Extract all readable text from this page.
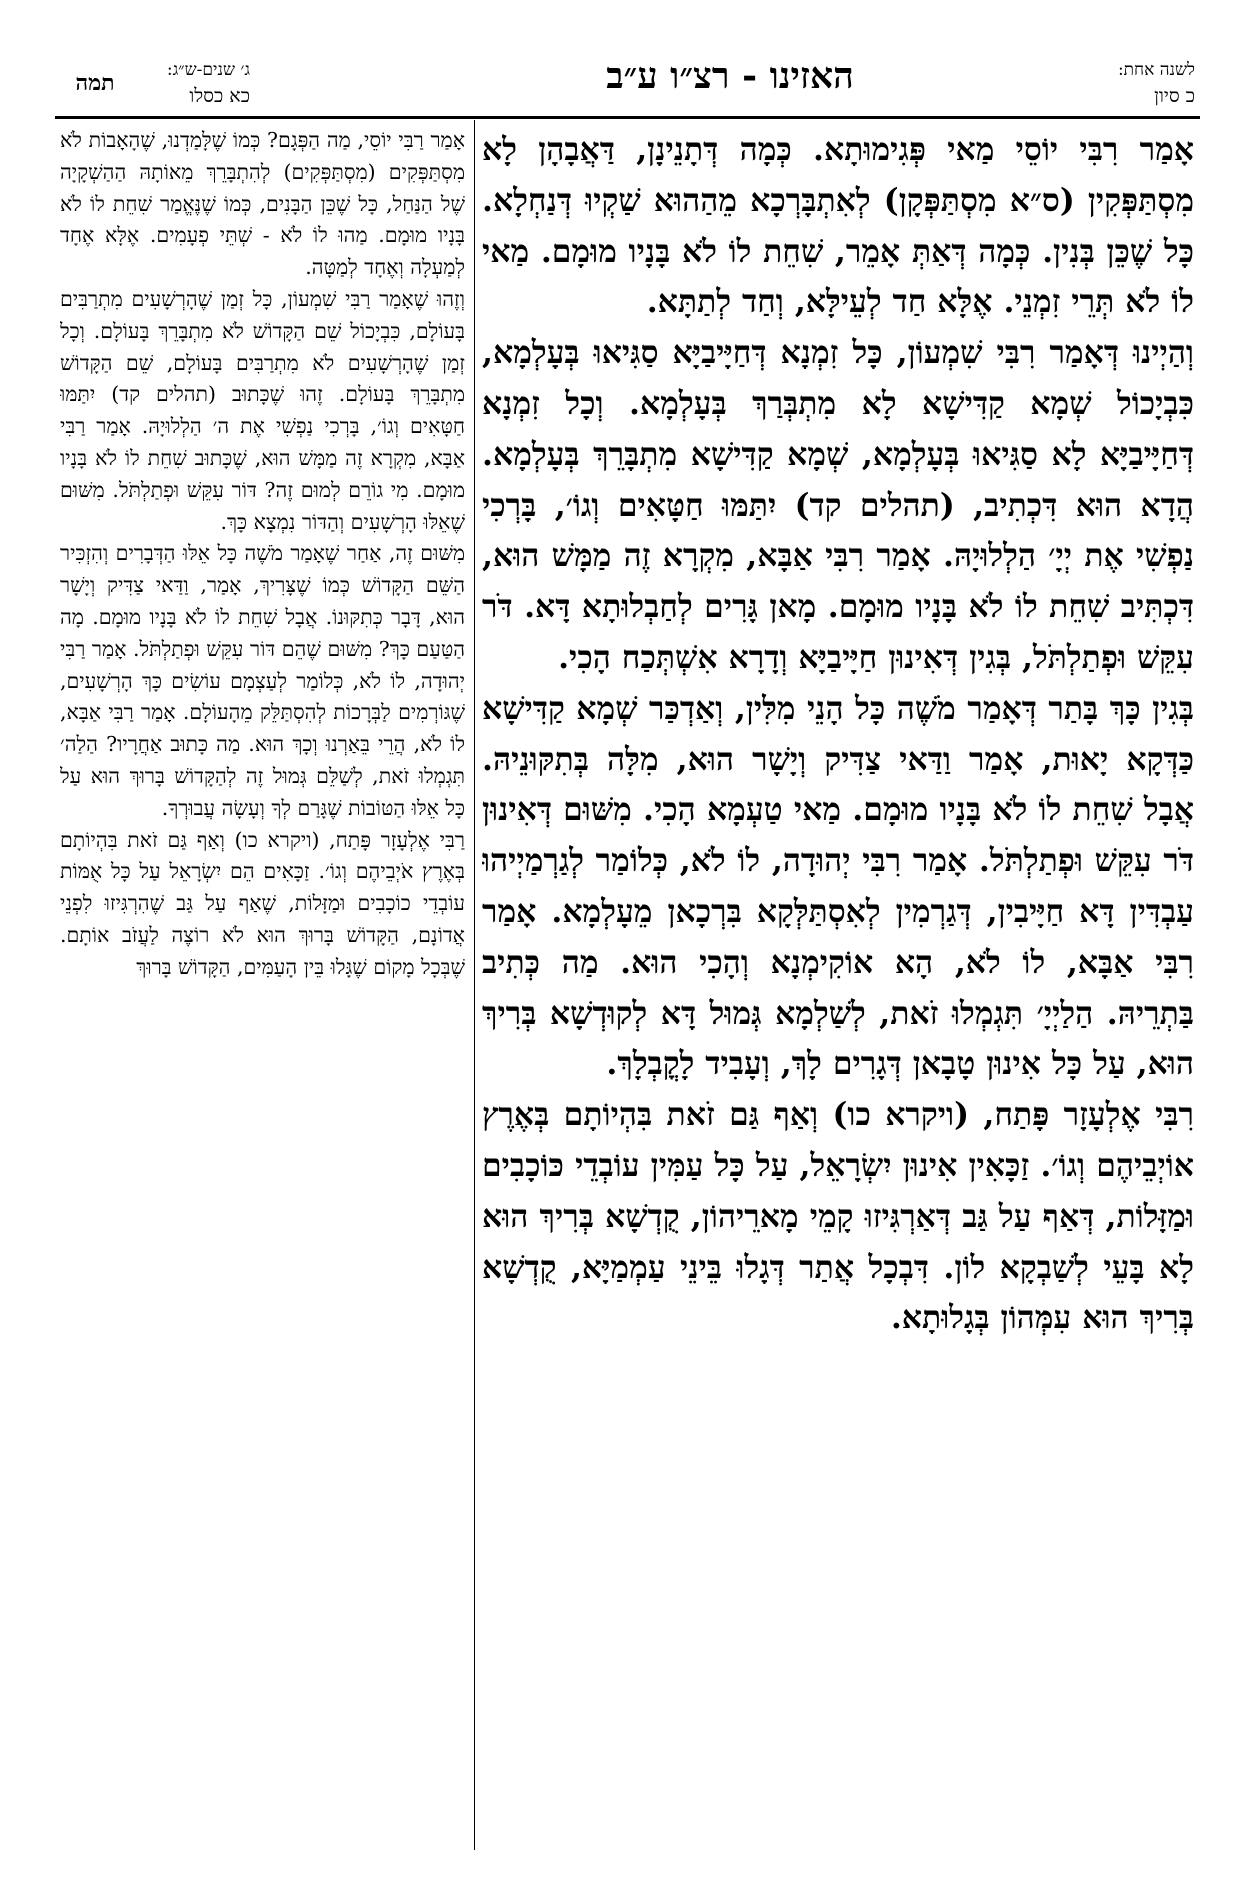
ג׳ שנים-ש״ג:
כא כסלו
תמה	האזינו - רצ״ו ע״ב	לשנה אחת:
כ סיון

אָמַר רִבִּי יוֹסֵי מַאי פְּגִימוּתָא. כְּמָה דְּתָנֵינָן, דַּאֲבָהָן לָא מִסְתַּפְּקִין (ס״א מִסְתַּפְּקָן) לְאִתְבָּרְכָא מֵהַהוּא שַׁקְיוּ דְּנַחְלָא. כָּל שֶׁכֵּן בְּנִין. כְּמָה דְּאַתְּ אָמֵר, שִׁחֵת לוֹ לֹא בָּנָיו מוּמָם. מַאי לוֹ לֹא תְּרֵי זִמְנֵי. אֶלָּא חַד לְעֵילָּא, וְחַד לְתַתָּא.

וְהַיְינוּ דְּאָמַר רִבִּי שִׁמְעוֹן, כָּל זִמְנָא דְּחַיָּיבַיָּא סַגִּיאוּ בְּעָלְמָא, כִּבְיָכוֹל שְׁמָא קַדִּישָׁא לָא מִתְבְּרַךְ בְּעָלְמָא. וְכָל זִמְנָא דְּחַיָּיבַיָּא לָא סַגִּיאוּ בְּעָלְמָא, שְׁמָא קַדִּישָׁא מִתְבָּרֵךְ בְּעָלְמָא. הֲדָא הוּא דִּכְתִיב, (תהלים קד) יִתַּמּוּ חַטָּאִים וְגוֹ׳, בָּרְכִי נַפְשִׁי אֶת יְיָ׳ הַלְלוּיָהּ. אָמַר רִבִּי אַבָּא, מִקְרָא זֶה מַמָּשׁ הוּא, דִּכְתִּיב שִׁחֵת לוֹ לֹא בָּנָיו מוּמָם. מָאן גָּרִים לְחַבְלוּתָא דָּא. דֹּר עִקֵּשׁ וּפְתַלְתֹּל, בְּגִין דְּאִינוּן חַיָּיבַיָּא וְדָרָא אִשְׁתְּכַח הָכִי.

בְּגִין כָּךְ בָּתַר דְּאָמַר מֹשֶׁה כָּל הָנֵי מִלִּין, וְאַדְכַּר שְׁמָא קַדִּישָׁא כַּדְּקָא יָאוּת, אָמַר וַדַּאי צַדִּיק וְיָשָׁר הוּא, מִלָּה בְּתִקּוּנֵיהּ. אֲבָל שִׁחֵת לוֹ לֹא בָּנָיו מוּמָם. מַאי טַעְמָא הָכִי. מִשּׁוּם דְּאִינוּן דֹּר עִקֵּשׁ וּפְתַלְתֹּל. אָמַר רִבִּי יְהוּדָה, לוֹ לֹא, כְּלוֹמַר לְגַרְמַיְיהוּ עַבְדִּין דָּא חַיָּיבִין, דְּגַרְמִין לְאִסְתַּלְּקָא בִּרְכָאן מֵעָלְמָא. אָמַר רִבִּי אַבָּא, לוֹ לֹא, הָא אוֹקִימְנָא וְהָכִי הוּא. מַה כְּתִיב בַּתְרֵיהּ. הַלַיְיָ׳ תִּגְמְלוּ זֹאת, לְשַׁלְמָא גְּמוּל דָּא לְקוּדְשָׁא בְּרִיךְ הוּא, עַל כָּל אִינוּן טָבָאן דְּגָרִים לָךְ, וְעָבִיד לָקֳבְלָךְ.

רִבִּי אֶלְעָזָר פָּתַח, (ויקרא כו) וְאַף גַּם זֹאת בִּהְיוֹתָם בְּאֶרֶץ אוֹיְבֵיהֶם וְגוֹ׳. זַכָּאִין אִינוּן יִשְׂרָאֵל, עַל כָּל עַמִּין עוֹבְדֵי כּוֹכָבִים וּמַזָּלוֹת, דְּאַף עַל גַּב דְּאַרְגִּיזוּ קָמֵי מָארֵיהוֹן, קֻדְשָׁא בְּרִיךְ הוּא לָא בָּעֵי לְשַׁבְקָא לוֹן. דִּבְכָל אֲתַר דְּגָלוּ בֵּינֵי עַמְמַיָּא, קֻדְשָׁא בְּרִיךְ הוּא עִמְּהוֹן בְּגָלוּתָא.

אָמַר רַבִּי יוֹסֵי, מַה הַפְּגָם? כְּמוֹ שֶׁלָּמַדְנוּ, שֶׁהָאָבוֹת לֹא מִסְתַּפְּקִים (מִסְתַּפְּקִים) לְהִתְבָּרֵךְ מֵאוֹתָהּ הַהַשְׁקָיָה שֶׁל הַנַּחַל, כָּל שֶׁכֵּן הַבָּנִים, כְּמוֹ שֶׁנֶּאֱמַר שִׁחֵת לוֹ לֹא בָּנָיו מוּמָם. מַהוּ לוֹ לֹא - שְׁתֵּי פְעָמִים. אֶלָּא אֶחָד לְמַעְלָה וְאֶחָד לְמַטָּה.

וְזֶהוּ שֶׁאָמַר רַבִּי שִׁמְעוֹן, כָּל זְמַן שֶׁהָרְשָׁעִים מִתְרַבִּים בָּעוֹלָם, כִּבְיָכוֹל שֵׁם הַקָּדוֹשׁ לֹא מִתְבָּרֵךְ בָּעוֹלָם. וְכָל זְמַן שֶׁהָרְשָׁעִים לֹא מִתְרַבִּים בָּעוֹלָם, שֵׁם הַקָּדוֹשׁ מִתְבָּרֵךְ בָּעוֹלָם. זֶהוּ שֶׁכָּתוּב (תהלים קד) יִתַּמּוּ חַטָּאִים וְגוֹ׳, בָּרְכִי נַפְשִׁי אֶת ה׳ הַלְלוּיָהּ. אָמַר רַבִּי אַבָּא, מִקְרָא זֶה מַמָּשׁ הוּא, שֶׁכָּתוּב שִׁחֵת לוֹ לֹא בָּנָיו מוּמָם. מִי גוֹרֵם לְמוּם זֶה? דּוֹר עִקֵּשׁ וּפְתַלְתֹּל. מִשּׁוּם שֶׁאֵלּוּ הָרְשָׁעִים וְהַדּוֹר נִמְצָא כָּךְ.

מִשּׁוּם זֶה, אַחַר שֶׁאָמַר מֹשֶׁה כָּל אֵלּוּ הַדְּבָרִים וְהִזְכִּיר הַשֵּׁם הַקָּדוֹשׁ כְּמוֹ שֶׁצָּרִיךְ, אָמַר, וַדַּאי צַדִּיק וְיָשָׁר הוּא, דָּבָר כְּתִקּוּנוֹ. אֲבָל שִׁחֵת לוֹ לֹא בָּנָיו מוּמָם. מָה הַטַּעַם כָּךְ? מִשּׁוּם שֶׁהֵם דּוֹר עִקֵּשׁ וּפְתַלְתֹּל. אָמַר רַבִּי יְהוּדָה, לוֹ לֹא, כְּלוֹמַר לְעַצְמָם עוֹשִׂים כָּךְ הָרְשָׁעִים, שֶׁגּוֹרְמִים לַבְּרָכוֹת לְהִסְתַּלֵּק מֵהָעוֹלָם. אָמַר רַבִּי אַבָּא, לוֹ לֹא, הֲרֵי בֵּאַרְנוּ וְכָךְ הוּא. מַה כָּתוּב אַחֲרָיו? הַלַה׳ תִּגְמְלוּ זֹאת, לְשַׁלֵּם גְּמוּל זֶה לְהַקָּדוֹשׁ בָּרוּךְ הוּא עַל כָּל אֵלּוּ הַטּוֹבוֹת שֶׁגָּרַם לְךָ וְעָשָׂה עֲבוּרְךָ.

רַבִּי אֶלְעָזָר פָּתַח, (ויקרא כו) וְאַף גַּם זֹאת בִּהְיוֹתָם בְּאֶרֶץ אֹיְבֵיהֶם וְגוֹ׳. זַכָּאִים הֵם יִשְׂרָאֵל עַל כָּל אֻמּוֹת עוֹבְדֵי כוֹכָבִים וּמַזָּלוֹת, שֶׁאַף עַל גַּב שֶׁהִרְגִּיזוּ לִפְנֵי אֲדוֹנָם, הַקָּדוֹשׁ בָּרוּךְ הוּא לֹא רוֹצֶה לַעֲזֹב אוֹתָם. שֶׁבְּכָל מָקוֹם שֶׁגָּלוּ בֵּין הָעַמִּים, הַקָּדוֹשׁ בָּרוּךְ
